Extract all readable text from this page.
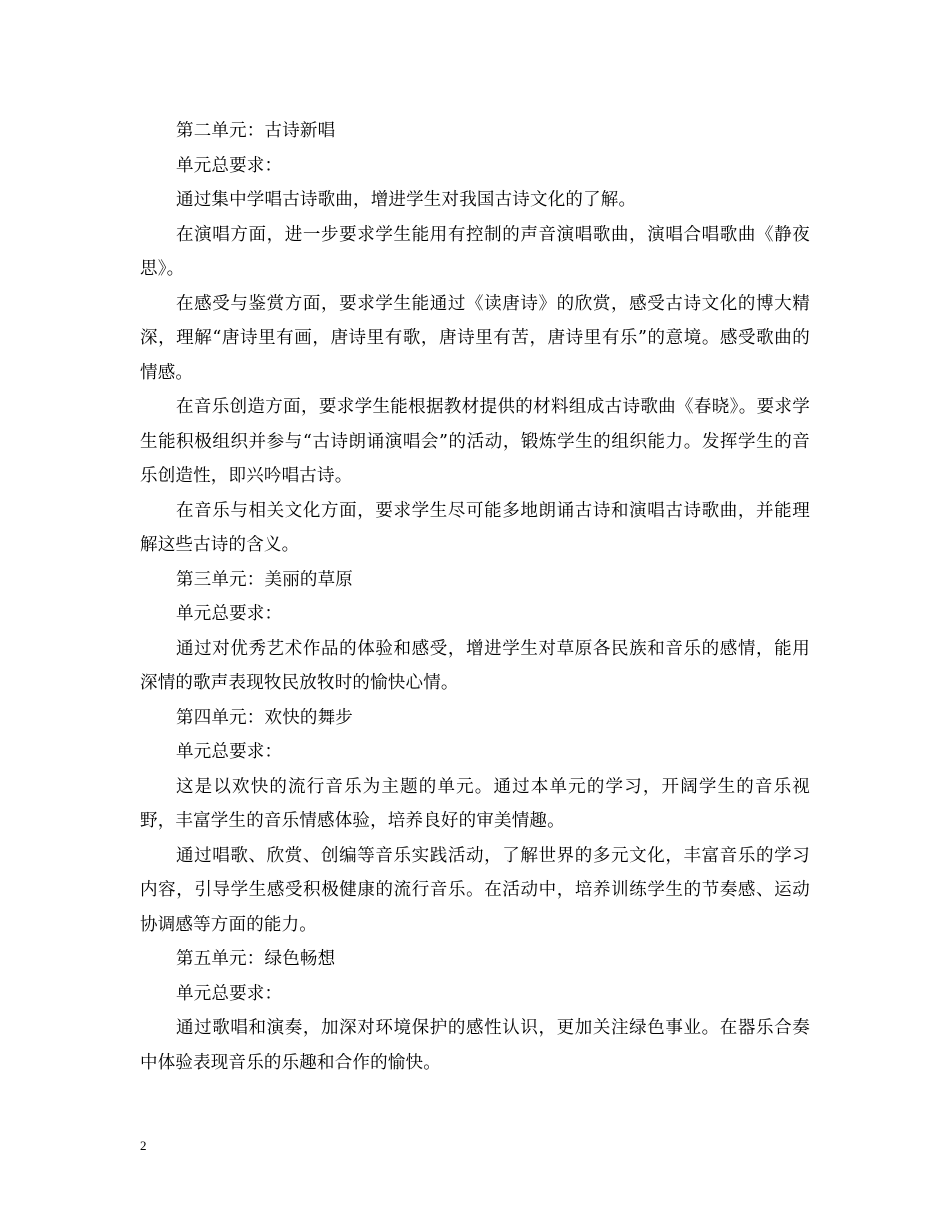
第二单元：古诗新唱

单元总要求：

通过集中学唱古诗歌曲，增进学生对我国古诗文化的了解。

在演唱方面，进一步要求学生能用有控制的声音演唱歌曲，演唱合唱歌曲《静夜思》。

在感受与鉴赏方面，要求学生能通过《读唐诗》的欣赏，感受古诗文化的博大精深，理解“唐诗里有画，唐诗里有歌，唐诗里有苦，唐诗里有乐”的意境。感受歌曲的情感。

在音乐创造方面，要求学生能根据教材提供的材料组成古诗歌曲《春晓》。要求学生能积极组织并参与“古诗朗诵演唱会”的活动，锻炼学生的组织能力。发挥学生的音乐创造性，即兴吟唱古诗。

在音乐与相关文化方面，要求学生尽可能多地朗诵古诗和演唱古诗歌曲，并能理解这些古诗的含义。

第三单元：美丽的草原

单元总要求：

通过对优秀艺术作品的体验和感受，增进学生对草原各民族和音乐的感情，能用深情的歌声表现牧民放牧时的愉快心情。

第四单元：欢快的舞步

单元总要求：

这是以欢快的流行音乐为主题的单元。通过本单元的学习，开阔学生的音乐视野，丰富学生的音乐情感体验，培养良好的审美情趣。

通过唱歌、欣赏、创编等音乐实践活动，了解世界的多元文化，丰富音乐的学习内容，引导学生感受积极健康的流行音乐。在活动中，培养训练学生的节奏感、运动协调感等方面的能力。

第五单元：绿色畅想

单元总要求：

通过歌唱和演奏，加深对环境保护的感性认识，更加关注绿色事业。在器乐合奏中体验表现音乐的乐趣和合作的愉快。

2
